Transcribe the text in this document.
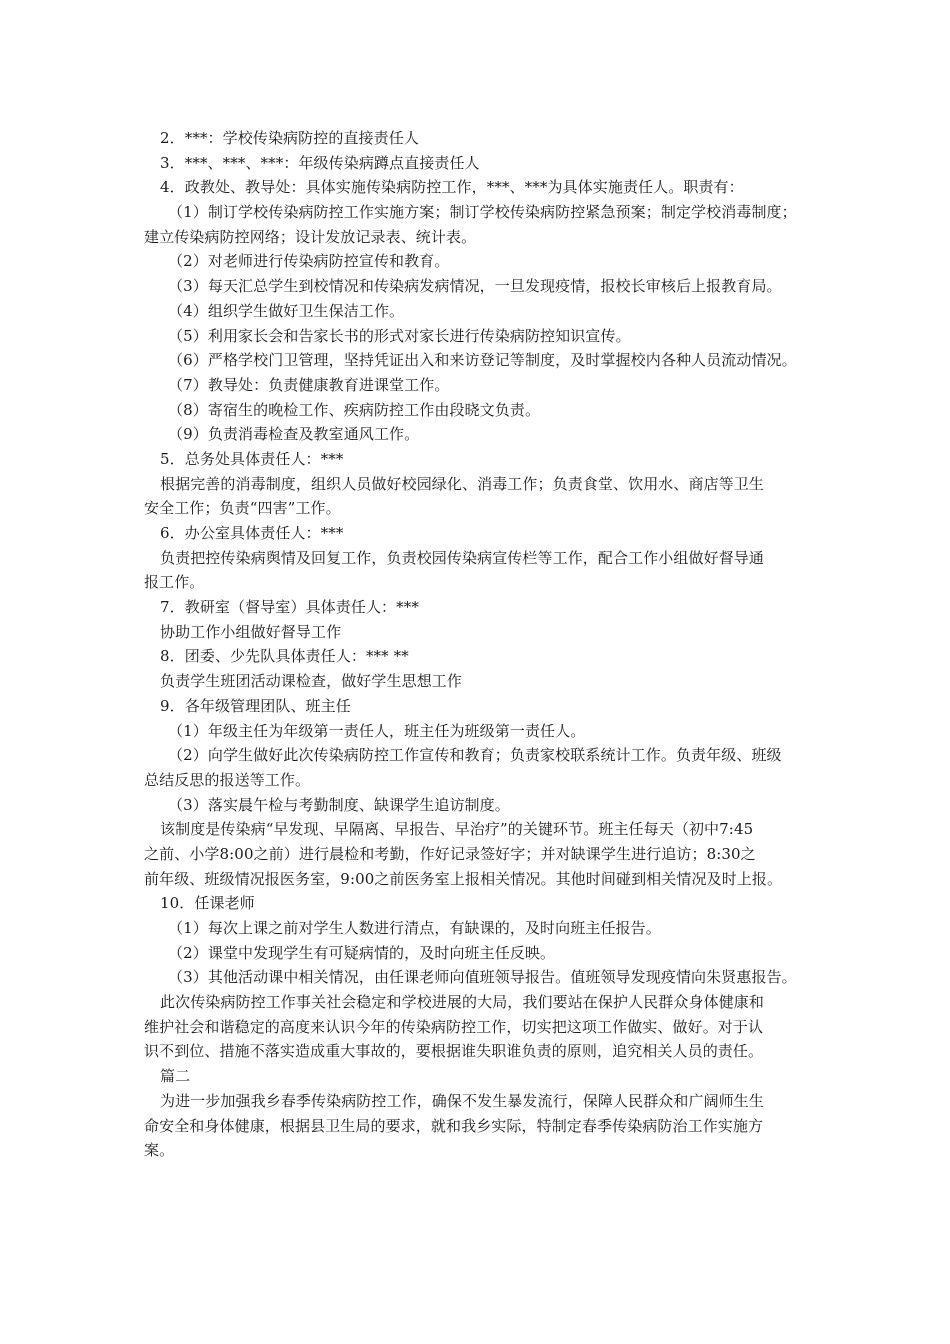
2．***：学校传染病防控的直接责任人
3．***、***、***：年级传染病蹲点直接责任人
4．政教处、教导处：具体实施传染病防控工作，***、***为具体实施责任人。职责有：
（1）制订学校传染病防控工作实施方案；制订学校传染病防控紧急预案；制定学校消毒制度；
建立传染病防控网络；设计发放记录表、统计表。
（2）对老师进行传染病防控宣传和教育。
（3）每天汇总学生到校情况和传染病发病情况，一旦发现疫情，报校长审核后上报教育局。
（4）组织学生做好卫生保洁工作。
（5）利用家长会和告家长书的形式对家长进行传染病防控知识宣传。
（6）严格学校门卫管理，坚持凭证出入和来访登记等制度，及时掌握校内各种人员流动情况。
（7）教导处：负责健康教育进课堂工作。
（8）寄宿生的晚检工作、疾病防控工作由段晓文负责。
（9）负责消毒检查及教室通风工作。
5．总务处具体责任人：***
根据完善的消毒制度，组织人员做好校园绿化、消毒工作；负责食堂、饮用水、商店等卫生
安全工作；负责“四害”工作。
6．办公室具体责任人：***
负责把控传染病舆情及回复工作，负责校园传染病宣传栏等工作，配合工作小组做好督导通
报工作。
7．教研室（督导室）具体责任人：***
协助工作小组做好督导工作
8．团委、少先队具体责任人：*** **
负责学生班团活动课检查，做好学生思想工作
9．各年级管理团队、班主任
（1）年级主任为年级第一责任人，班主任为班级第一责任人。
（2）向学生做好此次传染病防控工作宣传和教育；负责家校联系统计工作。负责年级、班级
总结反思的报送等工作。
（3）落实晨午检与考勤制度、缺课学生追访制度。
该制度是传染病“早发现、早隔离、早报告、早治疗”的关键环节。班主任每天（初中7:45
之前、小学8:00之前）进行晨检和考勤，作好记录签好字；并对缺课学生进行追访；8:30之
前年级、班级情况报医务室，9:00之前医务室上报相关情况。其他时间碰到相关情况及时上报。
10．任课老师
（1）每次上课之前对学生人数进行清点，有缺课的，及时向班主任报告。
（2）课堂中发现学生有可疑病情的，及时向班主任反映。
（3）其他活动课中相关情况，由任课老师向值班领导报告。值班领导发现疫情向朱贤惠报告。
此次传染病防控工作事关社会稳定和学校进展的大局，我们要站在保护人民群众身体健康和
维护社会和谐稳定的高度来认识今年的传染病防控工作，切实把这项工作做实、做好。对于认
识不到位、措施不落实造成重大事故的，要根据谁失职谁负责的原则，追究相关人员的责任。
篇二
为进一步加强我乡春季传染病防控工作，确保不发生暴发流行，保障人民群众和广阔师生生
命安全和身体健康，根据县卫生局的要求，就和我乡实际，特制定春季传染病防治工作实施方
案。
